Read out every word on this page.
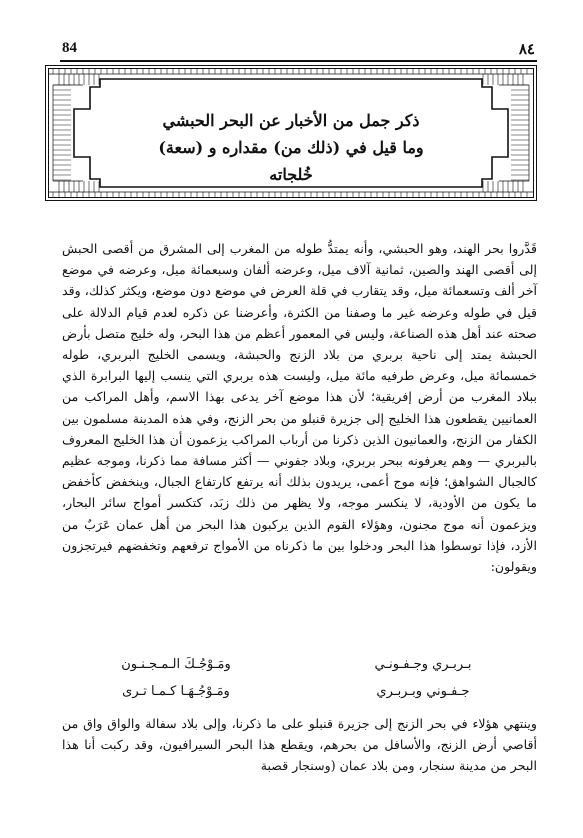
84	٨٤
ذكر جمل من الأخبار عن البحر الحبشي
وما قيل في (ذلك من) مقداره و (سعة) خُلجاته

قَدَّروا بحر الهند، وهو الحبشي، وأنه يمتدُّ طوله من المغرب إلى المشرق من أقصى الحبش إلى أقصى الهند والصين، ثمانية آلاف ميل، وعرضه ألفان وسبعمائة ميل، وعرضه في موضع آخر ألف وتسعمائة ميل، وقد يتقارب في قلة العرض في موضع دون موضع، ويكثر كذلك، وقد قيل في طوله وعرضه غير ما وصفنا من الكثرة، وأعرضنا عن ذكره لعدم قيام الدلالة على صحته عند أهل هذه الصناعة، وليس في المعمور أعظم من هذا البحر، وله خليج متصل بأرض الحبشة يمتد إلى ناحية بربري من بلاد الزنج والحبشة، ويسمى الخليج البربري، طوله خمسمائة ميل، وعرض طرفيه مائة ميل، وليست هذه بربري التي ينسب إليها البرابرة الذي ببلاد المغرب من أرض إفريقية؛ لأن هذا موضع آخر يدعى بهذا الاسم، وأهل المراكب من العمانيين يقطعون هذا الخليج إلى جزيرة قنبلو من بحر الزنج، وفي هذه المدينة مسلمون بين الكفار من الزنج، والعمانيون الذين ذكرنا من أرباب المراكب يزعمون أن هذا الخليج المعروف بالبربري — وهم يعرفونه ببحر بربري، وبلاد جفوني — أكثر مسافة مما ذكرنا، وموجه عظيم كالجبال الشواهق؛ فإنه موج أعمى، يريدون بذلك أنه يرتفع كارتفاع الجبال، وينخفض كأخفض ما يكون من الأودية، لا ينكسر موجه، ولا يظهر من ذلك زبَد، كتكسر أمواج سائر البحار، ويزعمون أنه موج مجنون، وهؤلاء القوم الذين يركبون هذا البحر من أهل عمان عَرَبٌ من الأزد، فإذا توسطوا هذا البحر ودخلوا بين ما ذكرناه من الأمواج ترفعهم وتخفضهم فيرتجزون ويقولون:

بـربـري وجـفـونـي
ومَـوْجُـكَ الـمـجـنـون
جـفـوني وبـربـري
ومَـوْجُـهَـا كـمـا تـرى

وينتهي هؤلاء في بحر الزنج إلى جزيرة قنبلو على ما ذكرنا، وإلى بلاد سفالة والواق واق من أقاصي أرض الزنج، والأسافل من بحرهم، ويقطع هذا البحر السيرافيون، وقد ركبت أنا هذا البحر من مدينة سنجار، ومن بلاد عمان (وسنجار قصبة
